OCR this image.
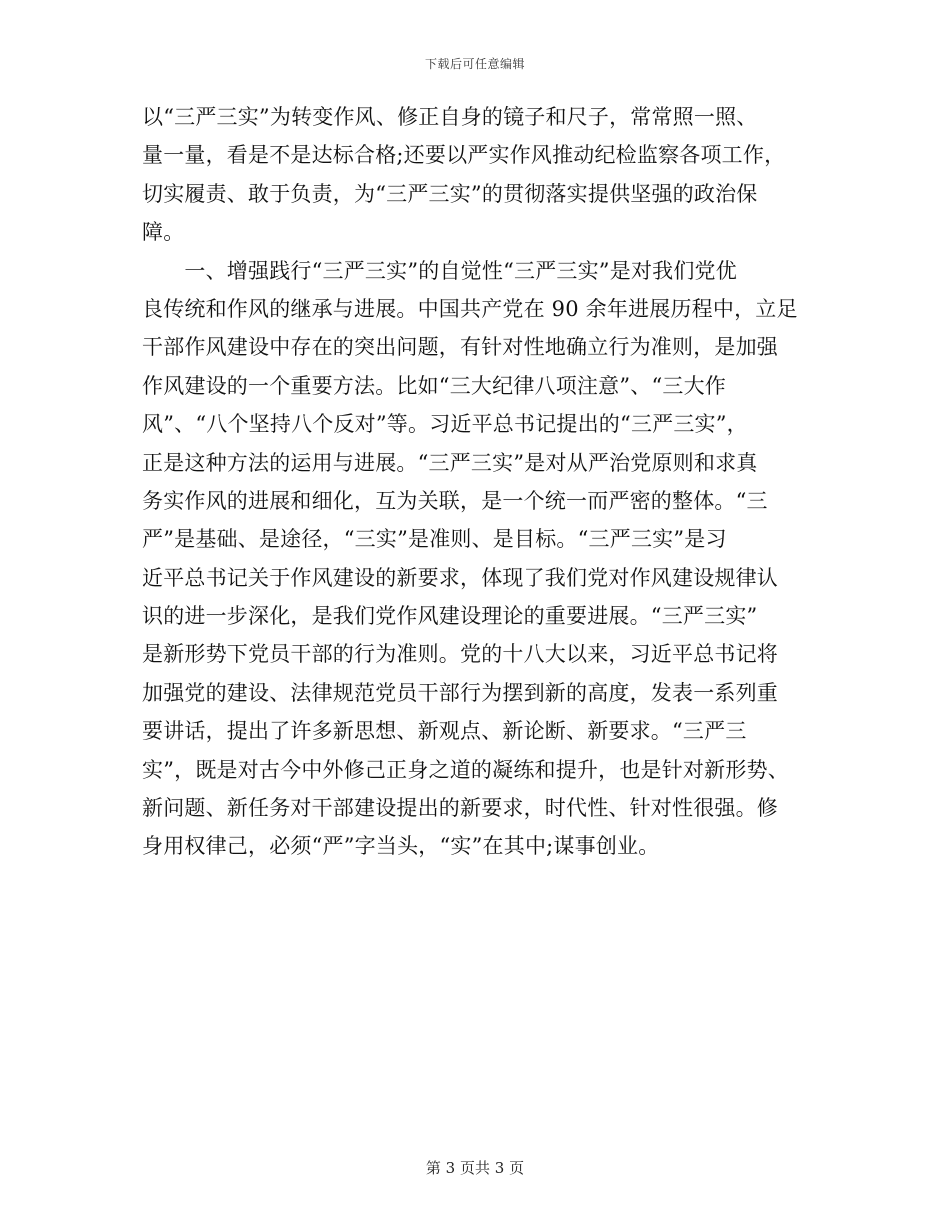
下载后可任意编辑
以“三严三实”为转变作风、修正自身的镜子和尺子，常常照一照、
量一量，看是不是达标合格;还要以严实作风推动纪检监察各项工作，
切实履责、敢于负责，为“三严三实”的贯彻落实提供坚强的政治保
障。
　　一、增强践行“三严三实”的自觉性“三严三实”是对我们党优
良传统和作风的继承与进展。中国共产党在 90 余年进展历程中，立足
干部作风建设中存在的突出问题，有针对性地确立行为准则，是加强
作风建设的一个重要方法。比如“三大纪律八项注意”、“三大作
风”、“八个坚持八个反对”等。习近平总书记提出的“三严三实”，
正是这种方法的运用与进展。“三严三实”是对从严治党原则和求真
务实作风的进展和细化，互为关联，是一个统一而严密的整体。“三
严”是基础、是途径，“三实”是准则、是目标。“三严三实”是习
近平总书记关于作风建设的新要求，体现了我们党对作风建设规律认
识的进一步深化，是我们党作风建设理论的重要进展。“三严三实”
是新形势下党员干部的行为准则。党的十八大以来，习近平总书记将
加强党的建设、法律规范党员干部行为摆到新的高度，发表一系列重
要讲话，提出了许多新思想、新观点、新论断、新要求。“三严三
实”，既是对古今中外修己正身之道的凝练和提升，也是针对新形势、
新问题、新任务对干部建设提出的新要求，时代性、针对性很强。修
身用权律己，必须“严”字当头，“实”在其中;谋事创业。
第 3 页共 3 页
